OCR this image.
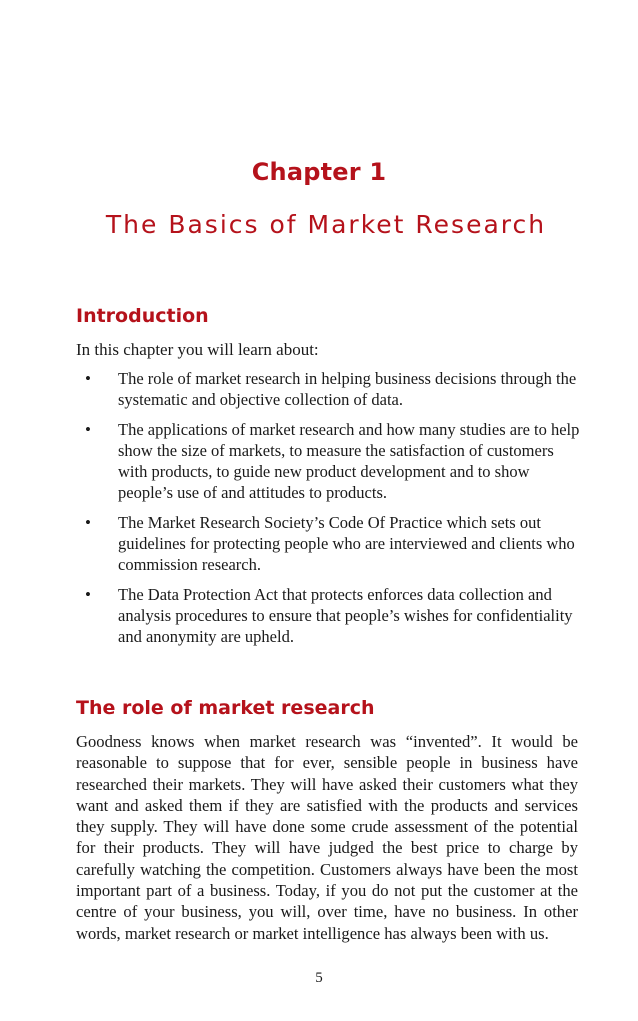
Chapter 1
The Basics of Market Research
Introduction
In this chapter you will learn about:
• The role of market research in helping business decisions through the systematic and objective collection of data.
• The applications of market research and how many studies are to help show the size of markets, to measure the satisfaction of customers with products, to guide new product development and to show people’s use of and attitudes to products.
• The Market Research Society’s Code Of Practice which sets out guidelines for protecting people who are interviewed and clients who commission research.
• The Data Protection Act that protects enforces data collection and analysis procedures to ensure that people’s wishes for confidentiality and anonymity are upheld.
The role of market research

Goodness knows when market research was “invented”. It would be reasonable to suppose that for ever, sensible people in business have researched their markets. They will have asked their customers what they want and asked them if they are satisfied with the products and services they supply. They will have done some crude assessment of the potential for their products. They will have judged the best price to charge by carefully watching the competition. Customers always have been the most important part of a business. Today, if you do not put the customer at the centre of your business, you will, over time, have no business. In other words, market research or market intelligence has always been with us.

5
